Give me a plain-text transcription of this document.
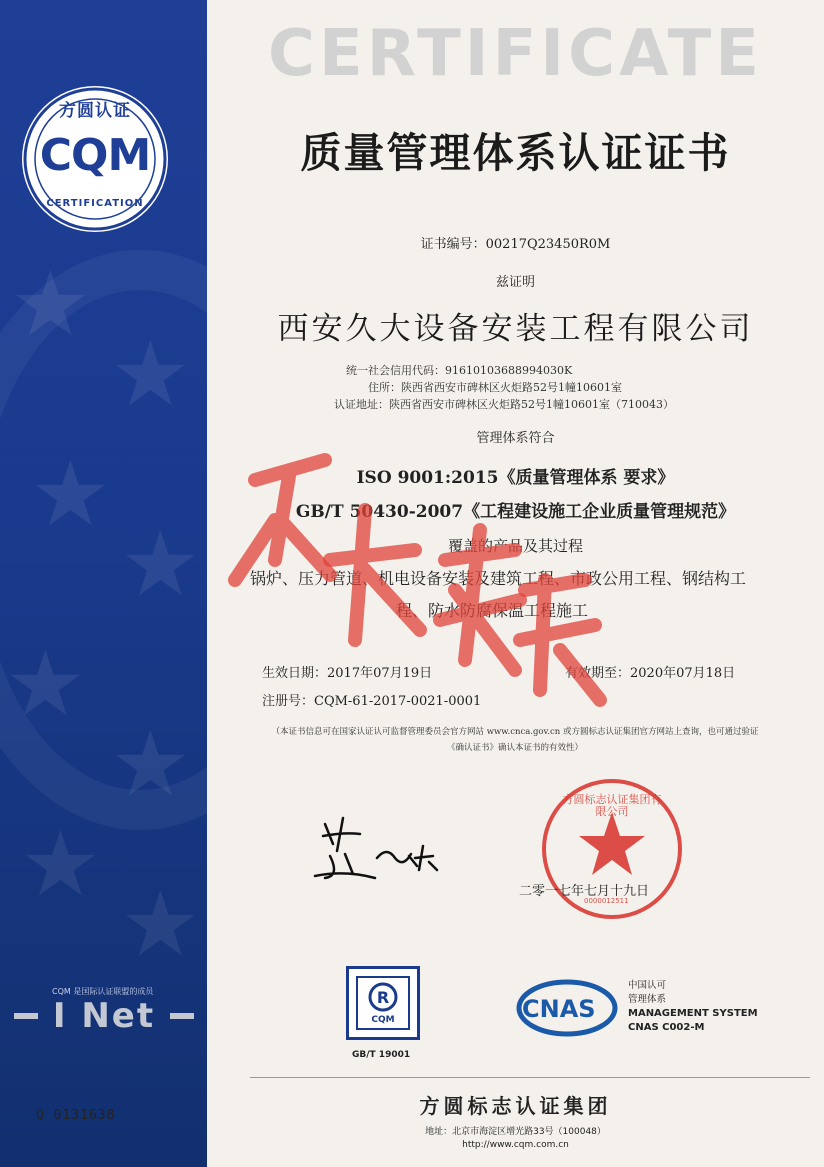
★
★
★
★
★
★
★
★
方圆认证
CQM
CERTIFICATION
CQM 是国际认证联盟的成员
I Net
Q 0131638
CERTIFICATE
质量管理体系认证证书
证书编号：00217Q23450R0M
兹证明
西安久大设备安装工程有限公司
统一社会信用代码：91610103688994030K
住所：陕西省西安市碑林区火炬路52号1幢10601室
认证地址：陕西省西安市碑林区火炬路52号1幢10601室（710043）
管理体系符合
ISO 9001:2015《质量管理体系 要求》
GB/T 50430-2007《工程建设施工企业质量管理规范》
覆盖的产品及其过程
锅炉、压力管道、机电设备安装及建筑工程、市政公用工程、钢结构工
程、防水防腐保温工程施工
生效日期：2017年07月19日	有效期至：2020年07月18日
注册号：CQM-61-2017-0021-0001
（本证书信息可在国家认证认可监督管理委员会官方网站 www.cnca.gov.cn 或方圆标志认证集团官方网站上查询，也可通过验证
《确认证书》确认本证书的有效性）
方圆标志认证集团有限公司
0000012511
二零一七年七月十九日
R
CQM
GB/T 19001
CNAS
中国认可
管理体系
MANAGEMENT SYSTEM
CNAS C002-M
方圆标志认证集团
地址：北京市海淀区增光路33号（100048）
http://www.cqm.com.cn
